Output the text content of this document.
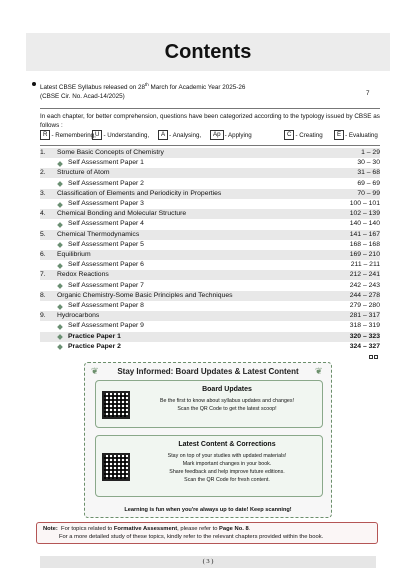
Contents
Latest CBSE Syllabus released on 28th March for Academic Year 2025-26
(CBSE Cir. No. Acad-14/2025)	7
In each chapter, for better comprehension, questions have been categorized according to the typology issued by CBSE as follows :
R - Remembering, U - Understanding,	A - Analysing,	Ap - Applying	C - Creating	E - Evaluating
1.	Some Basic Concepts of Chemistry	1 – 29
Self Assessment Paper 1	30 – 30
2.	Structure of Atom	31 – 68
Self Assessment Paper 2	69 – 69
3.	Classification of Elements and Periodicity in Properties	70 – 99
Self Assessment Paper 3	100 – 101
4.	Chemical Bonding and Molecular Structure	102 – 139
Self Assessment Paper 4	140 – 140
5.	Chemical Thermodynamics	141 – 167
Self Assessment Paper 5	168 – 168
6.	Equilibrium	169 – 210
Self Assessment Paper 6	211 – 211
7.	Redox Reactions	212 – 241
Self Assessment Paper 7	242 – 243
8.	Organic Chemistry-Some Basic Principles and Techniques	244 – 278
Self Assessment Paper 8	279 – 280
9.	Hydrocarbons	281 – 317
Self Assessment Paper 9	318 – 319
Practice Paper 1	320 – 323
Practice Paper 2	324 – 327
❦	Stay Informed: Board Updates & Latest Content	❦
Board Updates
Be the first to know about syllabus updates and changes!
Scan the QR Code to get the latest scoop!
Latest Content & Corrections
Stay on top of your studies with updated materials!
Mark important changes in your book.
Share feedback and help improve future editions.
Scan the QR Code for fresh content.
Learning is fun when you're always up to date! Keep scanning!
Note: For topics related to Formative Assessment, please refer to Page No. 8.
For a more detailed study of these topics, kindly refer to the relevant chapters provided within the book.
( 3 )
